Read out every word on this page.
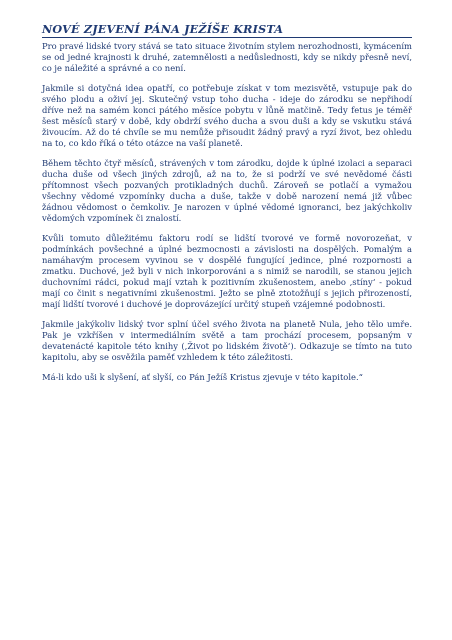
NOVÉ ZJEVENÍ PÁNA JEŽÍŠE KRISTA

Pro pravé lidské tvory stává se tato situace životním stylem nerozhodnosti, kymácením se od jedné krajnosti k druhé, zatemnělosti a nedůslednosti, kdy se nikdy přesně neví, co je náležité a správné a co není.

Jakmile si dotyčná idea opatří, co potřebuje získat v tom mezisvětě, vstupuje pak do svého plodu a oživí jej. Skutečný vstup toho ducha - ideje do zárodku se nepřihodí dříve než na samém konci pátého měsíce pobytu v lůně matčině. Tedy fetus je téměř šest měsíců starý v době, kdy obdrží svého ducha a svou duši a kdy se vskutku stává živoucím. Až do té chvíle se mu nemůže přisoudit žádný pravý a ryzí život, bez ohledu na to, co kdo říká o této otázce na vaší planetě.

Během těchto čtyř měsíců, strávených v tom zárodku, dojde k úplné izolaci a separaci ducha duše od všech jiných zdrojů, až na to, že si podrží ve své nevědomé části přítomnost všech pozvaných protikladných duchů. Zároveň se potlačí a vymažou všechny vědomé vzpomínky ducha a duše, takže v době narození nemá již vůbec žádnou vědomost o čemkoliv. Je narozen v úplné vědomé ignoranci, bez jakýchkoliv vědomých vzpomínek či znalostí.

Kvůli tomuto důležitému faktoru rodí se lidští tvorové ve formě novorozeňat, v podmínkách povšechné a úplné bezmocnosti a závislosti na dospělých. Pomalým a namáhavým procesem vyvinou se v dospělé fungující jedince, plné rozpornosti a zmatku. Duchové, jež byli v nich inkorporováni a s nimiž se narodili, se stanou jejich duchovními rádci, pokud mají vztah k pozitivním zkušenostem, anebo ‚stíny‘ - pokud mají co činit s negativními zkušenostmi. Ježto se plně ztotožňují s jejich přirozeností, mají lidští tvorové i duchové je doprovázející určitý stupeň vzájemné podobnosti.

Jakmile jakýkoliv lidský tvor splní účel svého života na planetě Nula, jeho tělo umře. Pak je vzkříšen v intermediálním světě a tam prochází procesem, popsaným v devatenácté kapitole této knihy (‚Život po lidském životě‘). Odkazuje se tímto na tuto kapitolu, aby se osvěžila paměť vzhledem k této záležitosti.

Má-li kdo uši k slyšení, ať slyší, co Pán Ježíš Kristus zjevuje v této kapitole.“
